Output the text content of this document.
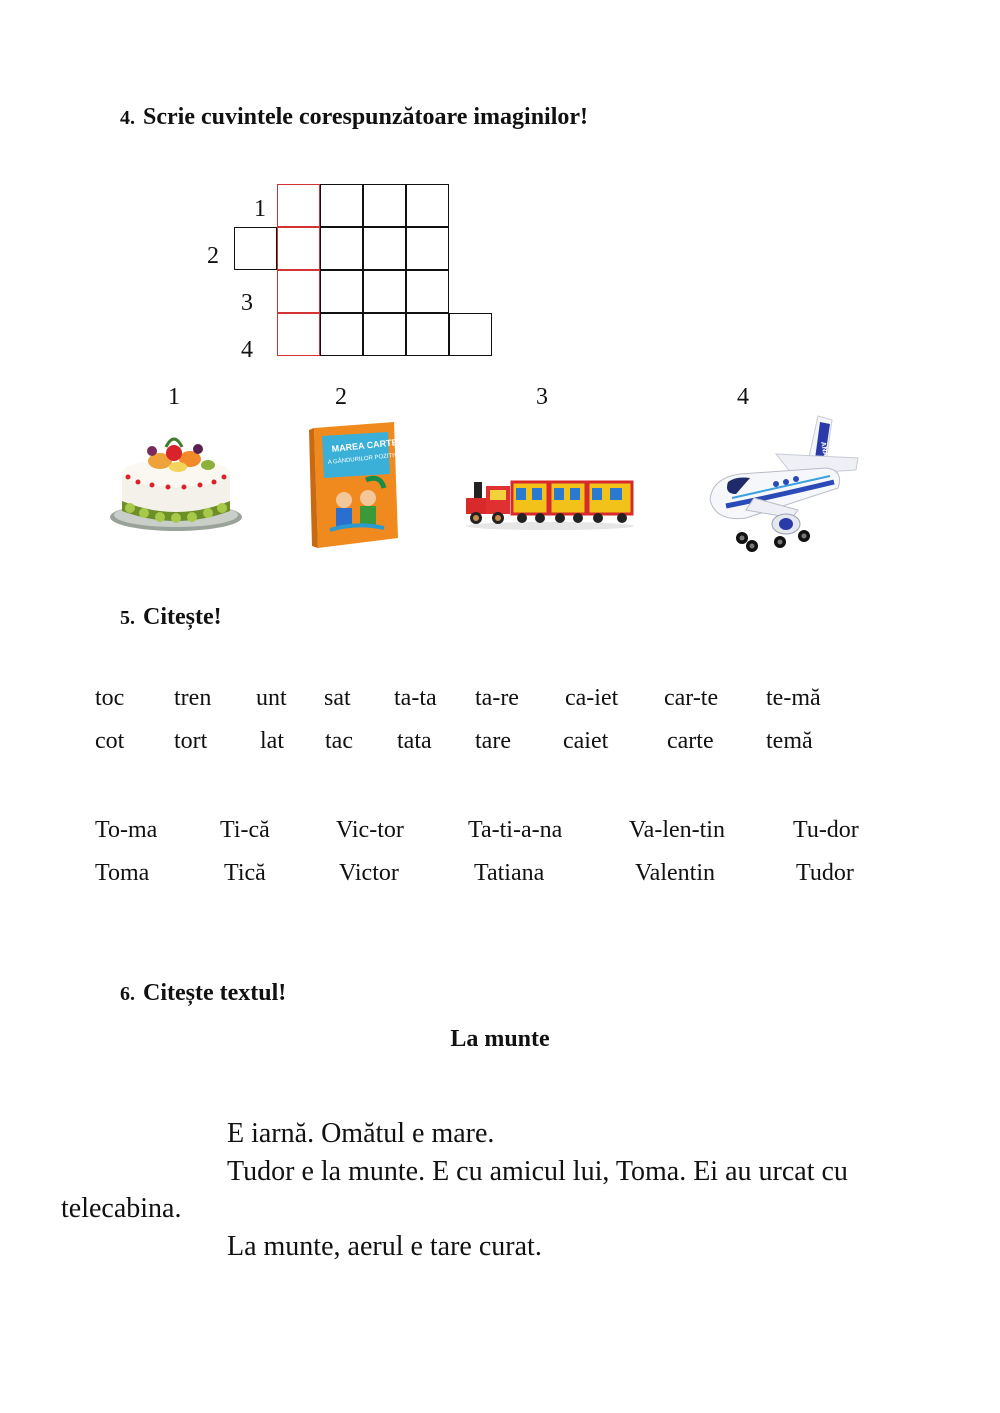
4. Scrie cuvintele corespunzătoare imaginilor!
1
2
3
4
1	2	3	4
MAREA CARTE
A GÂNDURILOR POZITIVE
ANA
5. Citește!
toc tren unt sat ta-ta ta-re ca-iet car-te te-mă
cot tort lat tac tata tare caiet carte temă
To-ma	Ti-că	Vic-tor	Ta-ti-a-na	Va-len-tin	Tu-dor
Toma	Tică	Victor	Tatiana	Valentin	Tudor
6. Citește textul!
La munte
E iarnă. Omătul e mare.
Tudor e la munte. E cu amicul lui, Toma. Ei au urcat cu
telecabina.
La munte, aerul e tare curat.
